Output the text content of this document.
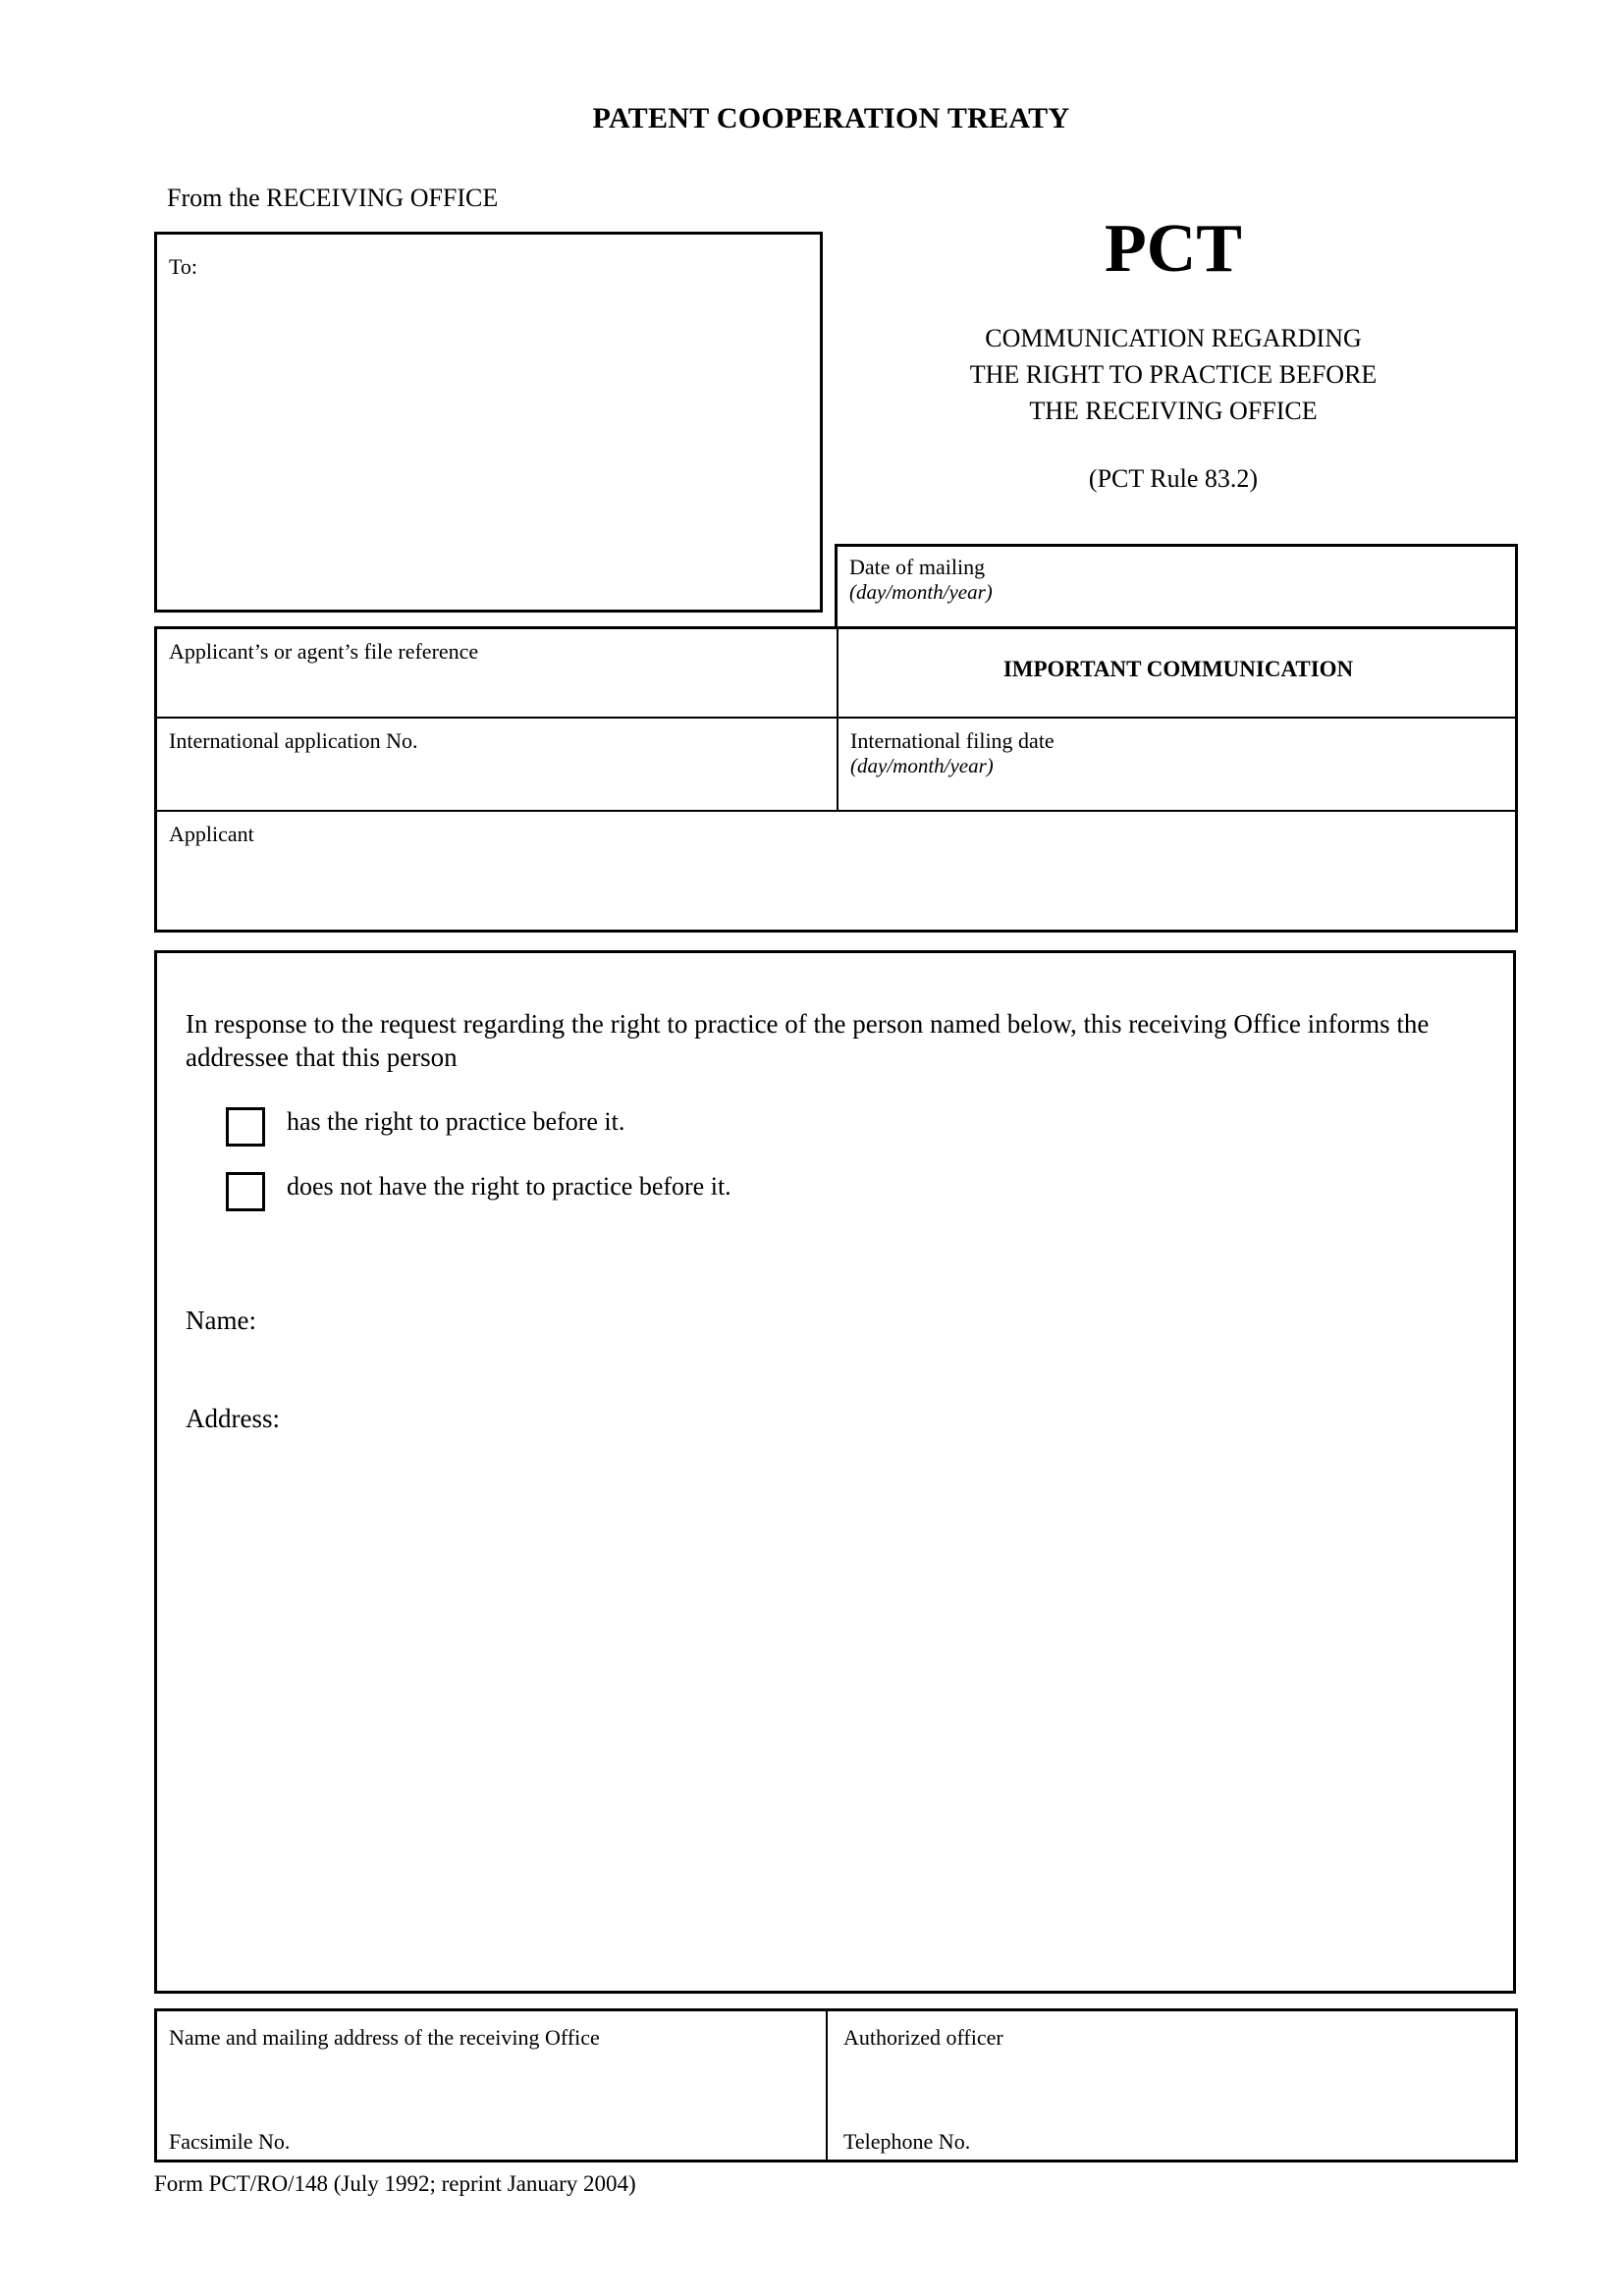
PATENT COOPERATION TREATY
From the RECEIVING OFFICE
To:	PCT
COMMUNICATION REGARDING
THE RIGHT TO PRACTICE BEFORE
THE RECEIVING OFFICE
(PCT Rule 83.2)
Date of mailing
(day/month/year)
Applicant’s or agent’s file reference
IMPORTANT COMMUNICATION
International application No.	International filing date
(day/month/year)
Applicant
In response to the request regarding the right to practice of the person named below, this receiving Office informs the addressee that this person
has the right to practice before it.
does not have the right to practice before it.
Name:
Address:
Name and mailing address of the receiving Office
Facsimile No.
Authorized officer
Telephone No.
Form PCT/RO/148 (July 1992; reprint January 2004)
